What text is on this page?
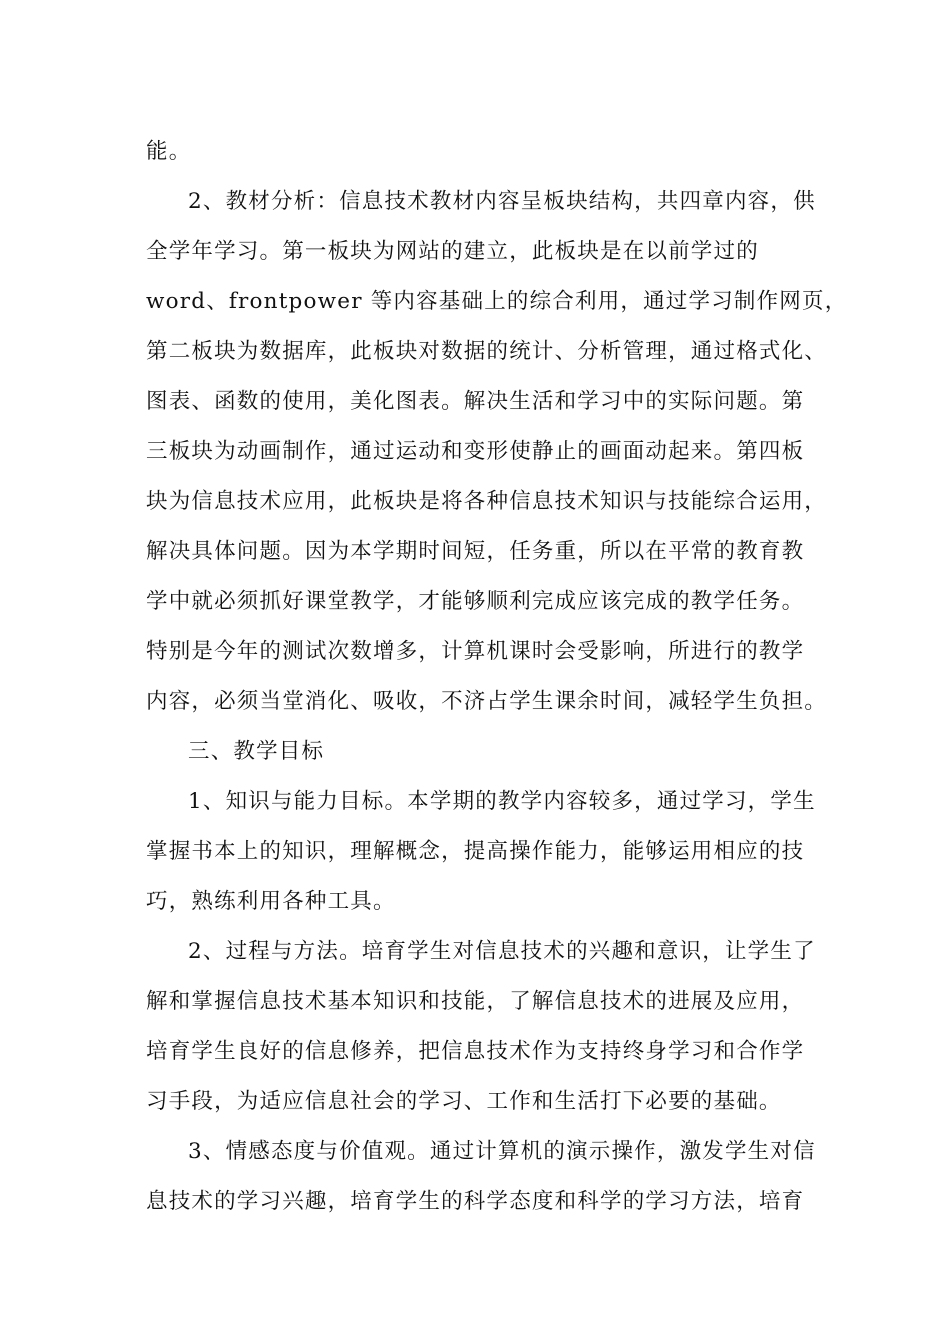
能。
2、教材分析：信息技术教材内容呈板块结构，共四章内容，供
全学年学习。第一板块为网站的建立，此板块是在以前学过的
word、frontpower 等内容基础上的综合利用，通过学习制作网页，
第二板块为数据库，此板块对数据的统计、分析管理，通过格式化、
图表、函数的使用，美化图表。解决生活和学习中的实际问题。第
三板块为动画制作，通过运动和变形使静止的画面动起来。第四板
块为信息技术应用，此板块是将各种信息技术知识与技能综合运用，
解决具体问题。因为本学期时间短，任务重，所以在平常的教育教
学中就必须抓好课堂教学，才能够顺利完成应该完成的教学任务。
特别是今年的测试次数增多，计算机课时会受影响，所进行的教学
内容，必须当堂消化、吸收，不济占学生课余时间，减轻学生负担。
三、教学目标
1、知识与能力目标。本学期的教学内容较多，通过学习，学生
掌握书本上的知识，理解概念，提高操作能力，能够运用相应的技
巧，熟练利用各种工具。
2、过程与方法。培育学生对信息技术的兴趣和意识，让学生了
解和掌握信息技术基本知识和技能，了解信息技术的进展及应用，
培育学生良好的信息修养，把信息技术作为支持终身学习和合作学
习手段，为适应信息社会的学习、工作和生活打下必要的基础。
3、情感态度与价值观。通过计算机的演示操作，激发学生对信
息技术的学习兴趣，培育学生的科学态度和科学的学习方法，培育
